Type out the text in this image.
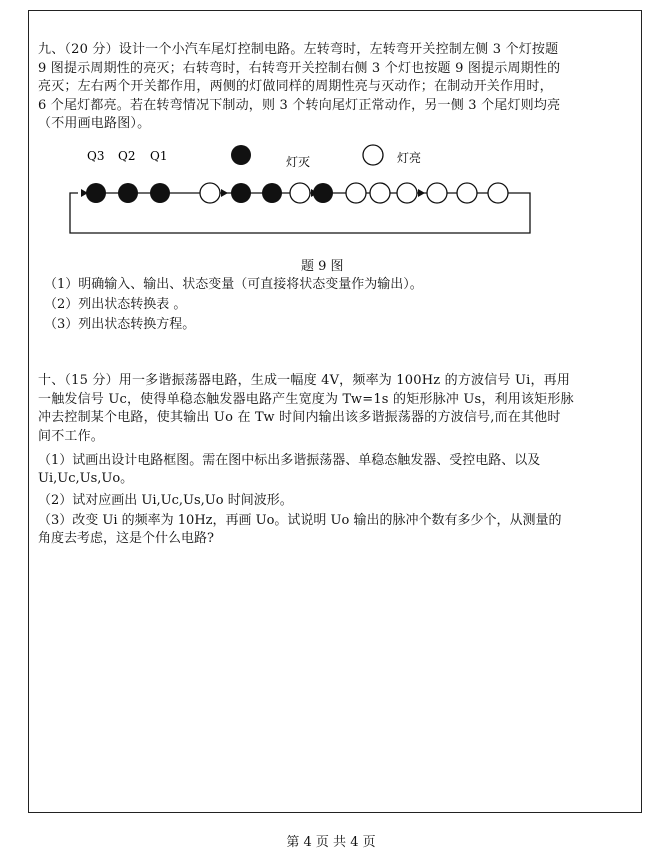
九、（20 分）设计一个小汽车尾灯控制电路。左转弯时，左转弯开关控制左侧 3 个灯按题
9 图提示周期性的亮灭；右转弯时，右转弯开关控制右侧 3 个灯也按题 9 图提示周期性的
亮灭；左右两个开关都作用，两侧的灯做同样的周期性亮与灭动作；在制动开关作用时，
6 个尾灯都亮。若在转弯情况下制动，则 3 个转向尾灯正常动作，另一侧 3 个尾灯则均亮
（不用画电路图）。
Q3 Q2 Q1	灯灭	灯亮
题 9 图
（1）明确输入、输出、状态变量（可直接将状态变量作为输出）。
（2）列出状态转换表 。
（3）列出状态转换方程。
十、（15 分）用一多谐振荡器电路，生成一幅度 4V，频率为 100Hz 的方波信号 Ui，再用
一触发信号 Uc，使得单稳态触发器电路产生宽度为 Tw=1s 的矩形脉冲 Us，利用该矩形脉
冲去控制某个电路，使其输出 Uo 在 Tw 时间内输出该多谐振荡器的方波信号,而在其他时
间不工作。
（1）试画出设计电路框图。需在图中标出多谐振荡器、单稳态触发器、受控电路、以及
Ui,Uc,Us,Uo。
（2）试对应画出 Ui,Uc,Us,Uo 时间波形。
（3）改变 Ui 的频率为 10Hz，再画 Uo。试说明 Uo 输出的脉冲个数有多少个，从测量的
角度去考虑，这是个什么电路?
第 4 页 共 4 页
